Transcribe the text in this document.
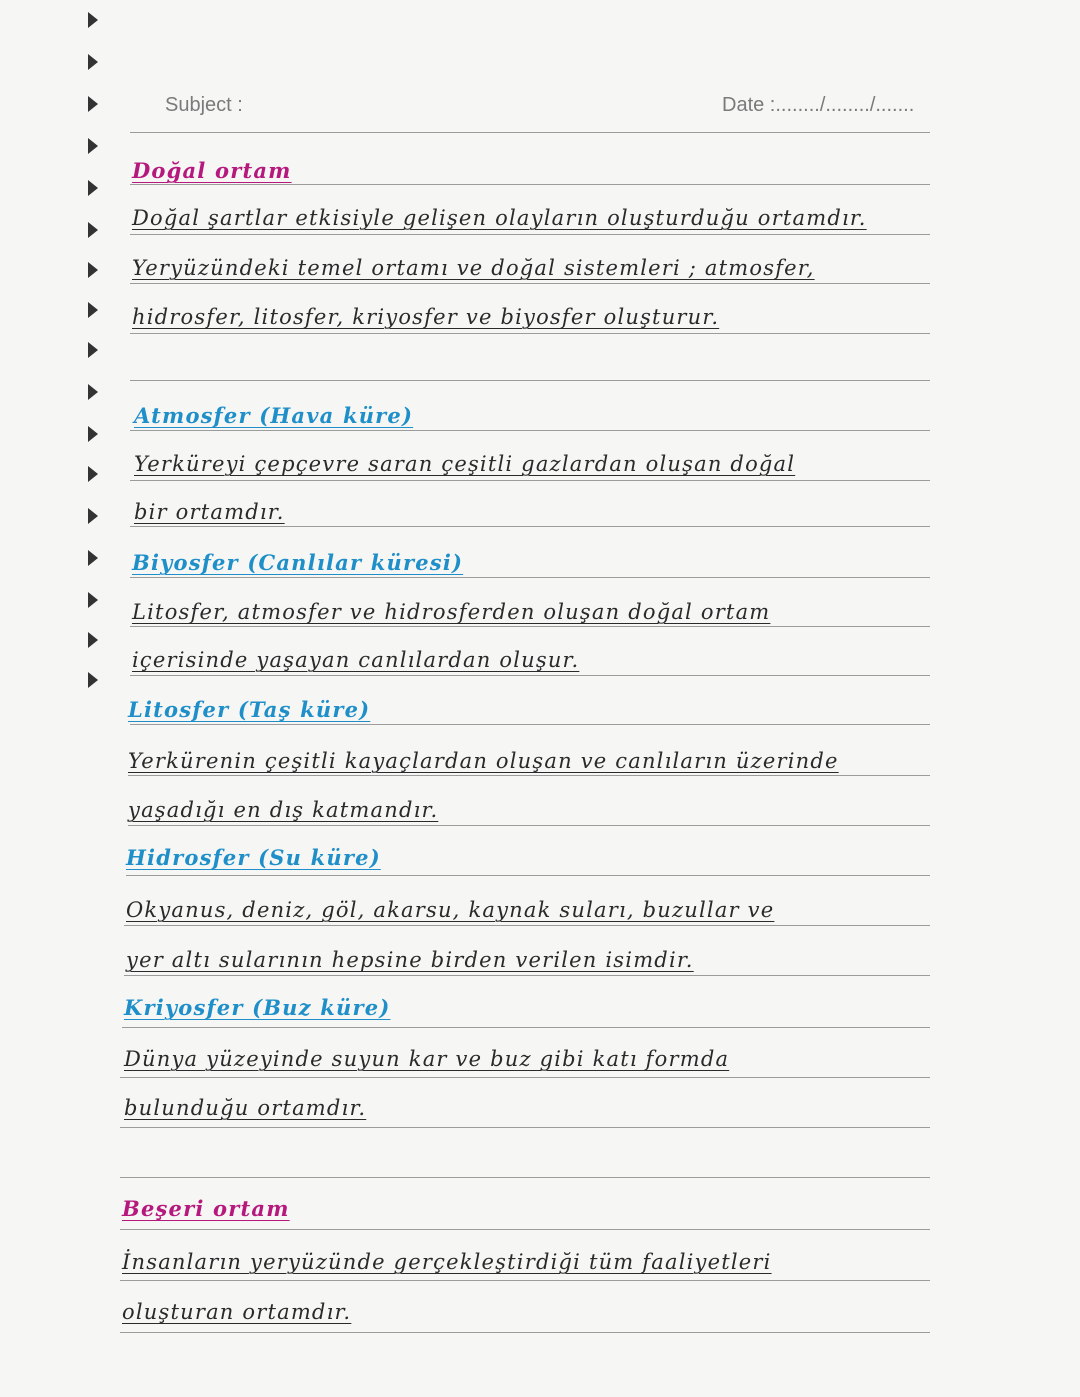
Subject :	Date :......../......../.......
Doğal ortam
Doğal şartlar etkisiyle gelişen olayların oluşturduğu ortamdır.
Yeryüzündeki temel ortamı ve doğal sistemleri ; atmosfer,
hidrosfer, litosfer, kriyosfer ve biyosfer oluşturur.
Atmosfer (Hava küre)
Yerküreyi çepçevre saran çeşitli gazlardan oluşan doğal
bir ortamdır.
Biyosfer (Canlılar küresi)
Litosfer, atmosfer ve hidrosferden oluşan doğal ortam
içerisinde yaşayan canlılardan oluşur.
Litosfer (Taş küre)
Yerkürenin çeşitli kayaçlardan oluşan ve canlıların üzerinde
yaşadığı en dış katmandır.
Hidrosfer (Su küre)
Okyanus, deniz, göl, akarsu, kaynak suları, buzullar ve
yer altı sularının hepsine birden verilen isimdir.
Kriyosfer (Buz küre)
Dünya yüzeyinde suyun kar ve buz gibi katı formda
bulunduğu ortamdır.
Beşeri ortam
İnsanların yeryüzünde gerçekleştirdiği tüm faaliyetleri
oluşturan ortamdır.
